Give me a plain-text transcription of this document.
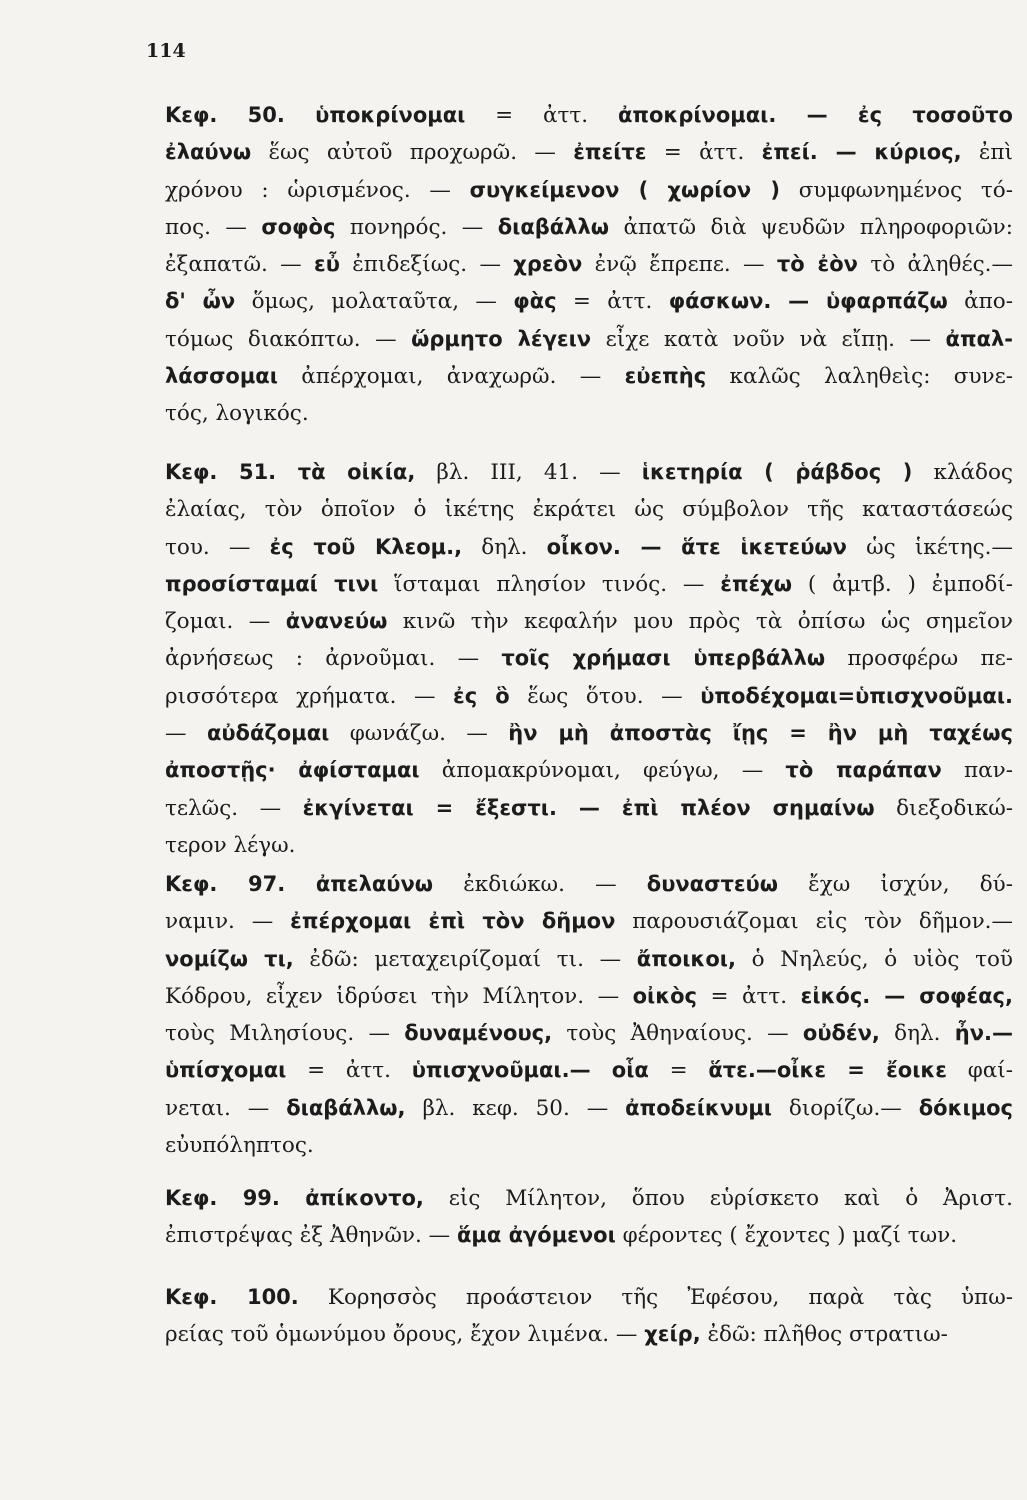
114
Κεφ. 50. ὑποκρίνομαι = ἀττ. ἀποκρίνομαι. — ἐς τοσοῦτο
ἐλαύνω ἕως αὐτοῦ προχωρῶ. — ἐπείτε = ἀττ. ἐπεί. — κύριος, ἐπὶ
χρόνου : ὡρισμένος. — συγκείμενον ( χωρίον ) συμφωνημένος τό-
πος. — σοφὸς πονηρός. — διαβάλλω ἀπατῶ διὰ ψευδῶν πληροφοριῶν:
ἐξαπατῶ. — εὖ ἐπιδεξίως. — χρεὸν ἐνῷ ἔπρεπε. — τὸ ἐὸν τὸ ἀληθές.—
δ' ὦν ὅμως, μολαταῦτα, — φὰς = ἀττ. φάσκων. — ὑφαρπάζω ἀπο-
τόμως διακόπτω. — ὥρμητο λέγειν εἶχε κατὰ νοῦν νὰ εἴπῃ. — ἀπαλ-
λάσσομαι ἀπέρχομαι, ἀναχωρῶ. — εὐεπὴς καλῶς λαληθεὶς: συνε-
τός, λογικός.
Κεφ. 51. τὰ οἰκία, βλ. III, 41. — ἱκετηρία ( ῥάβδος ) κλάδος
ἐλαίας, τὸν ὁποῖον ὁ ἱκέτης ἐκράτει ὡς σύμβολον τῆς καταστάσεώς
του. — ἐς τοῦ Κλεομ., δηλ. οἶκον. — ἅτε ἱκετεύων ὡς ἱκέτης.—
προσίσταμαί τινι ἵσταμαι πλησίον τινός. — ἐπέχω ( ἀμτβ. ) ἐμποδί-
ζομαι. — ἀνανεύω κινῶ τὴν κεφαλήν μου πρὸς τὰ ὀπίσω ὡς σημεῖον
ἀρνήσεως : ἀρνοῦμαι. — τοῖς χρήμασι ὑπερβάλλω προσφέρω πε-
ρισσότερα χρήματα. — ἐς ὃ ἕως ὅτου. — ὑποδέχομαι=ὑπισχνοῦμαι.
— αὐδάζομαι φωνάζω. — ἢν μὴ ἀποστὰς ἴῃς = ἢν μὴ ταχέως
ἀποστῇς· ἀφίσταμαι ἀπομακρύνομαι, φεύγω, — τὸ παράπαν παν-
τελῶς. — ἐκγίνεται = ἔξεστι. — ἐπὶ πλέον σημαίνω διεξοδικώ-
τερον λέγω.
Κεφ. 97. ἀπελαύνω ἐκδιώκω. — δυναστεύω ἔχω ἰσχύν, δύ-
ναμιν. — ἐπέρχομαι ἐπὶ τὸν δῆμον παρουσιάζομαι εἰς τὸν δῆμον.—
νομίζω τι, ἐδῶ: μεταχειρίζομαί τι. — ἄποικοι, ὁ Νηλεύς, ὁ υἱὸς τοῦ
Κόδρου, εἶχεν ἱδρύσει τὴν Μίλητον. — οἰκὸς = ἀττ. εἰκός. — σοφέας,
τοὺς Μιλησίους. — δυναμένους, τοὺς Ἀθηναίους. — οὐδέν, δηλ. ἦν.—
ὑπίσχομαι = ἀττ. ὑπισχνοῦμαι.— οἷα = ἅτε.—οἶκε = ἔοικε φαί-
νεται. — διαβάλλω, βλ. κεφ. 50. — ἀποδείκνυμι διορίζω.— δόκιμος
εὐυπόληπτος.
Κεφ. 99. ἀπίκοντο, εἰς Μίλητον, ὅπου εὑρίσκετο καὶ ὁ Ἀριστ.
ἐπιστρέψας ἐξ Ἀθηνῶν. — ἅμα ἀγόμενοι φέροντες ( ἔχοντες ) μαζί των.
Κεφ. 100. Κορησσὸς προάστειον τῆς Ἐφέσου, παρὰ τὰς ὑπω-
ρείας τοῦ ὁμωνύμου ὄρους, ἔχον λιμένα. — χείρ, ἐδῶ: πλῆθος στρατιω-
